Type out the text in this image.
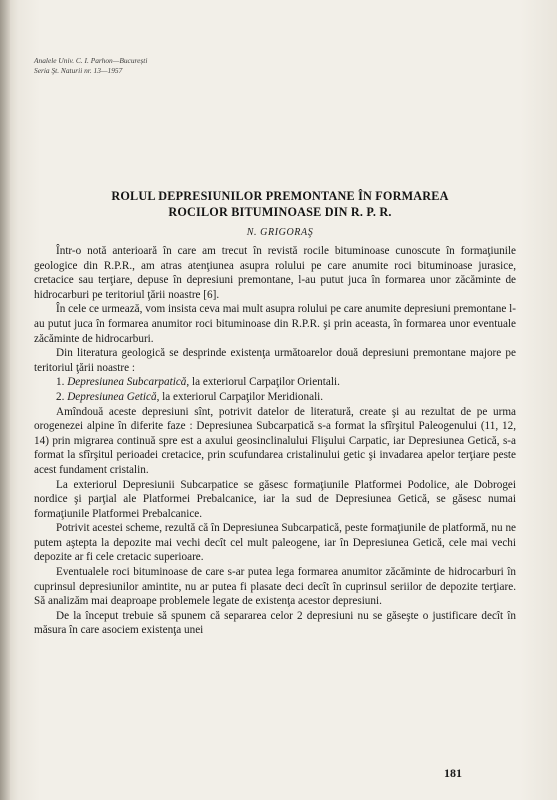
Analele Univ. C. I. Parhon—București
Seria Şt. Naturii nr. 13—1957
ROLUL DEPRESIUNILOR PREMONTANE ÎN FORMAREA
ROCILOR BITUMINOASE DIN R. P. R.
N. GRIGORAŞ

Într-o notă anterioară în care am trecut în revistă rocile bituminoase cunoscute în formaţiunile geologice din R.P.R., am atras atenţiunea asupra rolului pe care anumite roci bituminoase jurasice, cretacice sau terţiare, depuse în depresiuni premontane, l-au putut juca în formarea unor zăcăminte de hidrocarburi pe teritoriul ţării noastre [6].

În cele ce urmează, vom insista ceva mai mult asupra rolului pe care anumite depresiuni premontane l-au putut juca în formarea anumitor roci bituminoase din R.P.R. şi prin aceasta, în formarea unor eventuale zăcăminte de hidrocarburi.

Din literatura geologică se desprinde existenţa următoarelor două depresiuni premontane majore pe teritoriul ţării noastre :

1. Depresiunea Subcarpatică, la exteriorul Carpaţilor Orientali.

2. Depresiunea Getică, la exteriorul Carpaţilor Meridionali.

Amîndouă aceste depresiuni sînt, potrivit datelor de literatură, create şi au rezultat de pe urma orogenezei alpine în diferite faze : Depresiunea Subcarpatică s-a format la sfîrşitul Paleogenului (11, 12, 14) prin migrarea continuă spre est a axului geosinclinalului Flişului Carpatic, iar Depresiunea Getică, s-a format la sfîrşitul perioadei cretacice, prin scufundarea cristalinului getic şi invadarea apelor terţiare peste acest fundament cristalin.

La exteriorul Depresiunii Subcarpatice se găsesc formaţiunile Platformei Podolice, ale Dobrogei nordice şi parţial ale Platformei Prebalcanice, iar la sud de Depresiunea Getică, se găsesc numai formaţiunile Platformei Prebalcanice.

Potrivit acestei scheme, rezultă că în Depresiunea Subcarpatică, peste formaţiunile de platformă, nu ne putem aştepta la depozite mai vechi decît cel mult paleogene, iar în Depresiunea Getică, cele mai vechi depozite ar fi cele cretacic superioare.

Eventualele roci bituminoase de care s-ar putea lega formarea anumitor zăcăminte de hidrocarburi în cuprinsul depresiunilor amintite, nu ar putea fi plasate deci decît în cuprinsul seriilor de depozite terţiare. Să analizăm mai deaproape problemele legate de existenţa acestor depresiuni.

De la început trebuie să spunem că separarea celor 2 depresiuni nu se găseşte o justificare decît în măsura în care asociem existenţa unei

181
